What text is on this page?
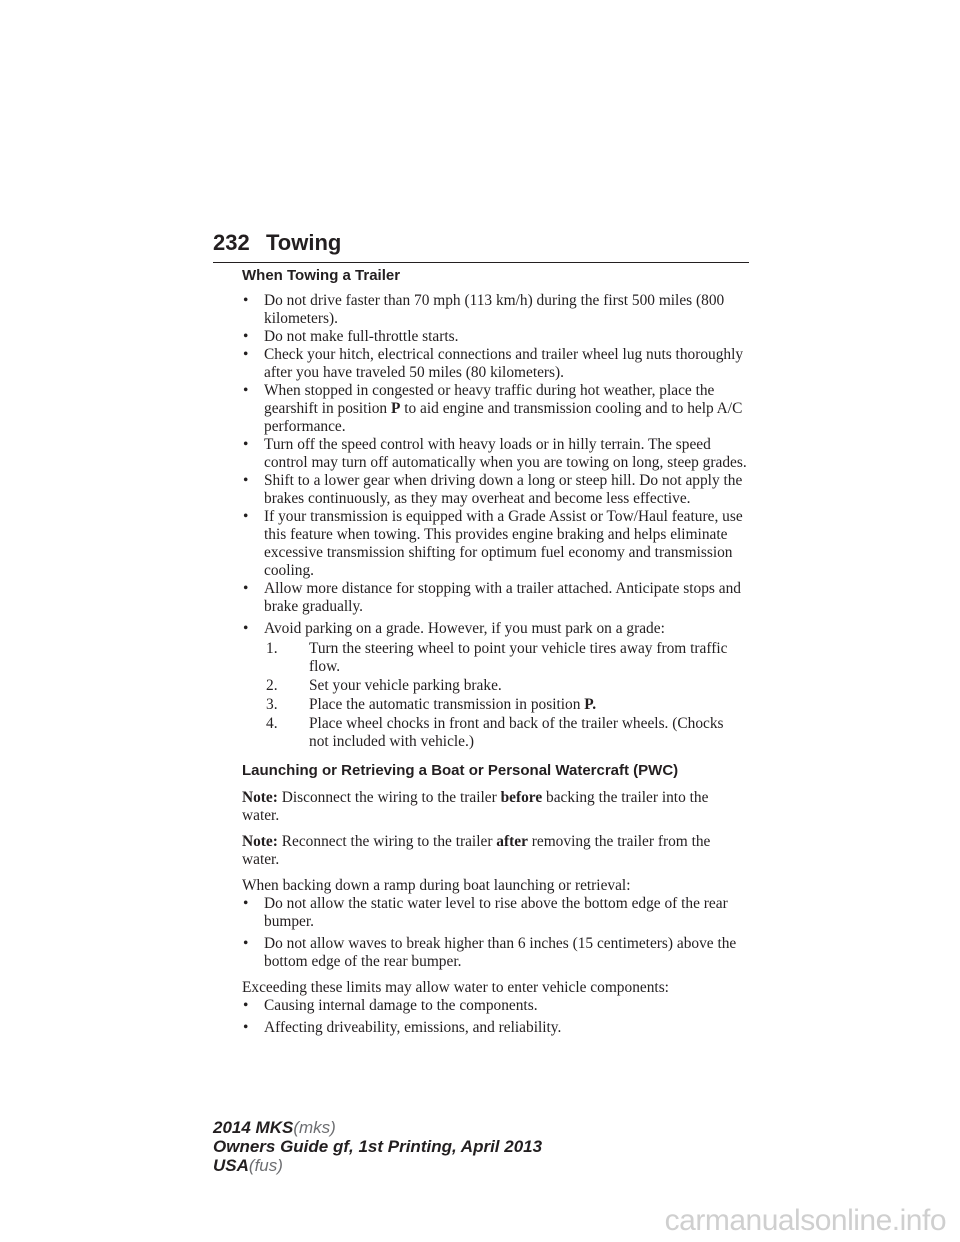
232 Towing
When Towing a Trailer
• Do not drive faster than 70 mph (113 km/h) during the first 500 miles (800 kilometers).
• Do not make full-throttle starts.
• Check your hitch, electrical connections and trailer wheel lug nuts thoroughly after you have traveled 50 miles (80 kilometers).
• When stopped in congested or heavy traffic during hot weather, place the gearshift in position P to aid engine and transmission cooling and to help A/C performance.
• Turn off the speed control with heavy loads or in hilly terrain. The speed control may turn off automatically when you are towing on long, steep grades.
• Shift to a lower gear when driving down a long or steep hill. Do not apply the brakes continuously, as they may overheat and become less effective.
• If your transmission is equipped with a Grade Assist or Tow/Haul feature, use this feature when towing. This provides engine braking and helps eliminate excessive transmission shifting for optimum fuel economy and transmission cooling.
• Allow more distance for stopping with a trailer attached. Anticipate stops and brake gradually.
• Avoid parking on a grade. However, if you must park on a grade:
1. Turn the steering wheel to point your vehicle tires away from traffic flow.
2. Set your vehicle parking brake.
3. Place the automatic transmission in position P.
4. Place wheel chocks in front and back of the trailer wheels. (Chocks not included with vehicle.)
Launching or Retrieving a Boat or Personal Watercraft (PWC)

Note: Disconnect the wiring to the trailer before backing the trailer into the water.

Note: Reconnect the wiring to the trailer after removing the trailer from the water.

When backing down a ramp during boat launching or retrieval:

• Do not allow the static water level to rise above the bottom edge of the rear bumper.
• Do not allow waves to break higher than 6 inches (15 centimeters) above the bottom edge of the rear bumper.

Exceeding these limits may allow water to enter vehicle components:

• Causing internal damage to the components.
• Affecting driveability, emissions, and reliability.
2014 MKS(mks)
Owners Guide gf, 1st Printing, April 2013
USA(fus)
carmanualsonline.info
